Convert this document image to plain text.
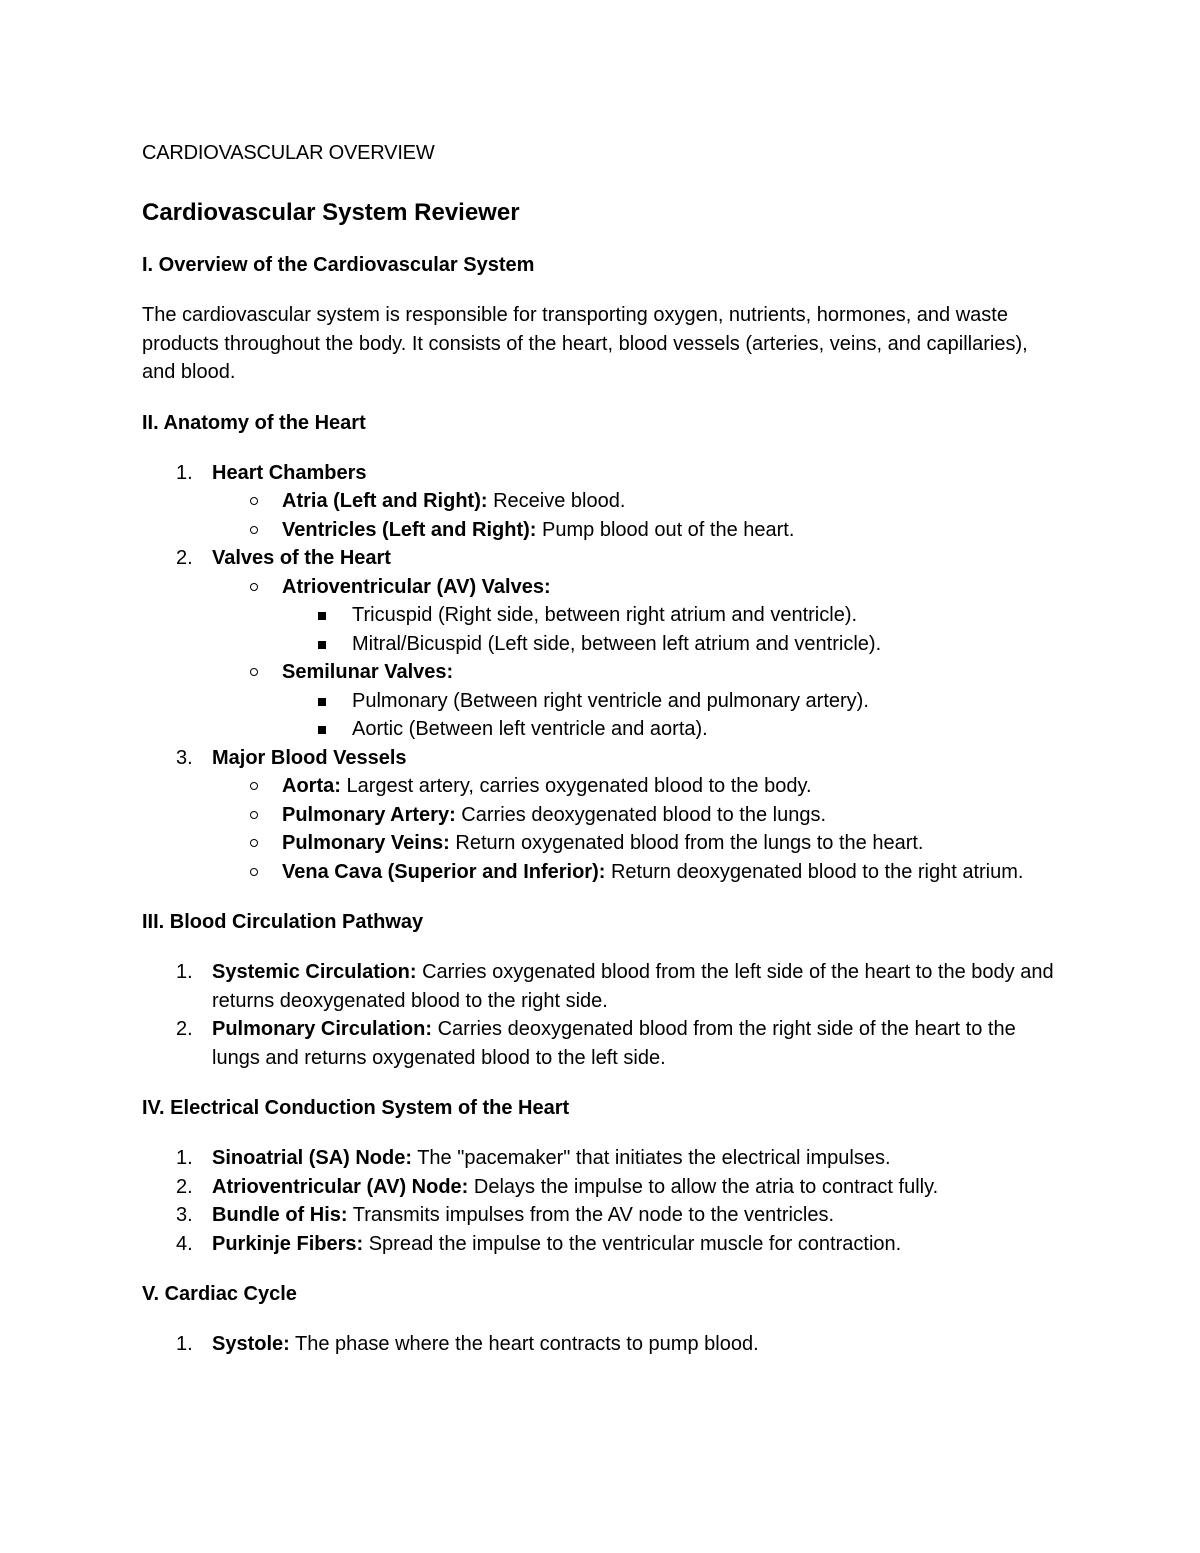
CARDIOVASCULAR OVERVIEW
Cardiovascular System Reviewer
I. Overview of the Cardiovascular System

The cardiovascular system is responsible for transporting oxygen, nutrients, hormones, and waste products throughout the body. It consists of the heart, blood vessels (arteries, veins, and capillaries), and blood.

II. Anatomy of the Heart
1. Heart Chambers
Atria (Left and Right): Receive blood.
Ventricles (Left and Right): Pump blood out of the heart.
2. Valves of the Heart
Atrioventricular (AV) Valves:
Tricuspid (Right side, between right atrium and ventricle).
Mitral/Bicuspid (Left side, between left atrium and ventricle).
Semilunar Valves:
Pulmonary (Between right ventricle and pulmonary artery).
Aortic (Between left ventricle and aorta).
3. Major Blood Vessels
Aorta: Largest artery, carries oxygenated blood to the body.
Pulmonary Artery: Carries deoxygenated blood to the lungs.
Pulmonary Veins: Return oxygenated blood from the lungs to the heart.
Vena Cava (Superior and Inferior): Return deoxygenated blood to the right atrium.
III. Blood Circulation Pathway
1. Systemic Circulation: Carries oxygenated blood from the left side of the heart to the body and returns deoxygenated blood to the right side.
2. Pulmonary Circulation: Carries deoxygenated blood from the right side of the heart to the lungs and returns oxygenated blood to the left side.
IV. Electrical Conduction System of the Heart
1. Sinoatrial (SA) Node: The "pacemaker" that initiates the electrical impulses.
2. Atrioventricular (AV) Node: Delays the impulse to allow the atria to contract fully.
3. Bundle of His: Transmits impulses from the AV node to the ventricles.
4. Purkinje Fibers: Spread the impulse to the ventricular muscle for contraction.
V. Cardiac Cycle
1. Systole: The phase where the heart contracts to pump blood.
